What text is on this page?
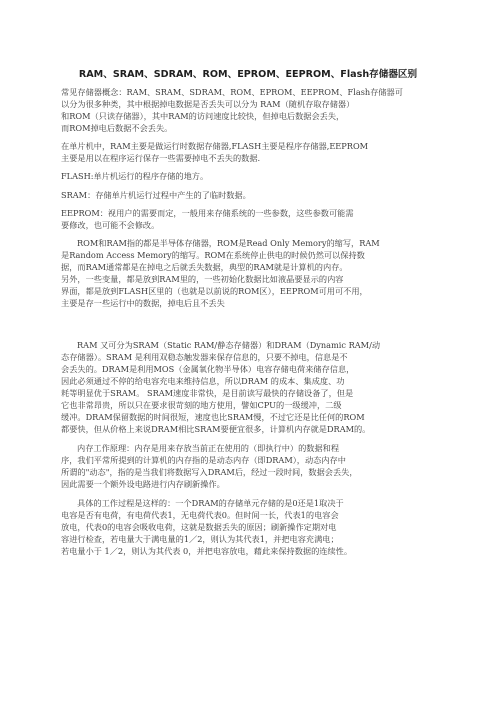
RAM、SRAM、SDRAM、ROM、EPROM、EEPROM、Flash存储器区别
常见存储器概念：RAM、SRAM、SDRAM、ROM、EPROM、EEPROM、Flash存储器可
以分为很多种类，其中根据掉电数据是否丢失可以分为 RAM（随机存取存储器）
和ROM（只读存储器），其中RAM的访问速度比较快，但掉电后数据会丢失，
而ROM掉电后数据不会丢失。
在单片机中，RAM主要是做运行时数据存储器,FLASH主要是程序存储器,EEPROM
主要是用以在程序运行保存一些需要掉电不丢失的数据.
FLASH:单片机运行的程序存储的地方。
SRAM：存储单片机运行过程中产生的了临时数据。
EEPROM：视用户的需要而定，一般用来存储系统的一些参数，这些参数可能需
要修改，也可能不会修改。
ROM和RAM指的都是半导体存储器，ROM是Read Only Memory的缩写，RAM
是Random Access Memory的缩写。ROM在系统停止供电的时候仍然可以保持数
据，而RAM通常都是在掉电之后就丢失数据，典型的RAM就是计算机的内存。
另外，一些变量，都是放到RAM里的，一些初始化数据比如液晶要显示的内容
界面，都是放到FLASH区里的（也就是以前说的ROM区），EEPROM可用可不用，
主要是存一些运行中的数据，掉电后且不丢失
RAM 又可分为SRAM（Static RAM/静态存储器）和DRAM（Dynamic RAM/动
态存储器）。SRAM 是利用双稳态触发器来保存信息的，只要不掉电，信息是不
会丢失的。DRAM是利用MOS（金属氧化物半导体）电容存储电荷来储存信息，
因此必须通过不停的给电容充电来维持信息，所以DRAM 的成本、集成度、功
耗等明显优于SRAM。 SRAM速度非常快，是目前读写最快的存储设备了，但是
它也非常昂贵，所以只在要求很苛刻的地方使用，譬如CPU的一级缓冲，二级
缓冲。DRAM保留数据的时间很短，速度也比SRAM慢，不过它还是比任何的ROM
都要快，但从价格上来说DRAM相比SRAM要便宜很多，计算机内存就是DRAM的。
内存工作原理：内存是用来存放当前正在使用的（即执行中）的数据和程
序，我们平常所提到的计算机的内存指的是动态内存（即DRAM），动态内存中
所谓的"动态"，指的是当我们将数据写入DRAM后，经过一段时间，数据会丢失，
因此需要一个额外设电路进行内存刷新操作。
具体的工作过程是这样的：一个DRAM的存储单元存储的是0还是1取决于
电容是否有电荷，有电荷代表1，无电荷代表0。但时间一长，代表1的电容会
放电，代表0的电容会吸收电荷，这就是数据丢失的原因；刷新操作定期对电
容进行检查，若电量大于满电量的1／2，则认为其代表1，并把电容充满电；
若电量小于 1／2，则认为其代表 0，并把电容放电，藉此来保持数据的连续性。
